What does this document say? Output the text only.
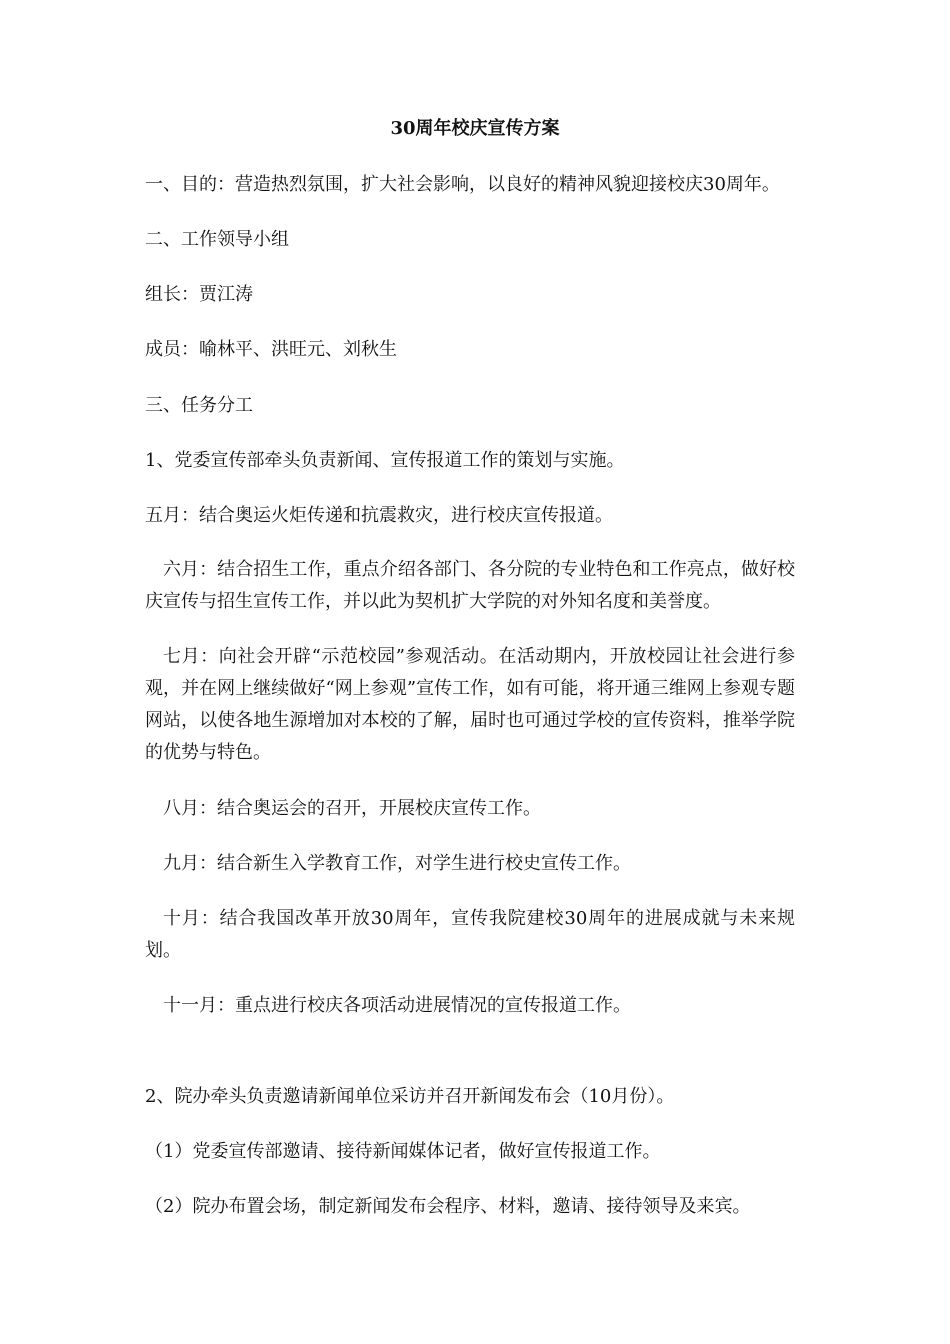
30周年校庆宣传方案
一、目的：营造热烈氛围，扩大社会影响，以良好的精神风貌迎接校庆30周年。
二、工作领导小组
组长：贾江涛
成员：喻林平、洪旺元、刘秋生
三、任务分工
1、党委宣传部牵头负责新闻、宣传报道工作的策划与实施。
五月：结合奥运火炬传递和抗震救灾，进行校庆宣传报道。
六月：结合招生工作，重点介绍各部门、各分院的专业特色和工作亮点，做好校庆宣传与招生宣传工作，并以此为契机扩大学院的对外知名度和美誉度。
七月：向社会开辟“示范校园”参观活动。在活动期内，开放校园让社会进行参观，并在网上继续做好“网上参观”宣传工作，如有可能，将开通三维网上参观专题网站，以使各地生源增加对本校的了解，届时也可通过学校的宣传资料，推举学院的优势与特色。
八月：结合奥运会的召开，开展校庆宣传工作。
九月：结合新生入学教育工作，对学生进行校史宣传工作。
十月：结合我国改革开放30周年，宣传我院建校30周年的进展成就与未来规划。
十一月：重点进行校庆各项活动进展情况的宣传报道工作。
2、院办牵头负责邀请新闻单位采访并召开新闻发布会（10月份）。
（1）党委宣传部邀请、接待新闻媒体记者，做好宣传报道工作。
（2）院办布置会场，制定新闻发布会程序、材料，邀请、接待领导及来宾。
